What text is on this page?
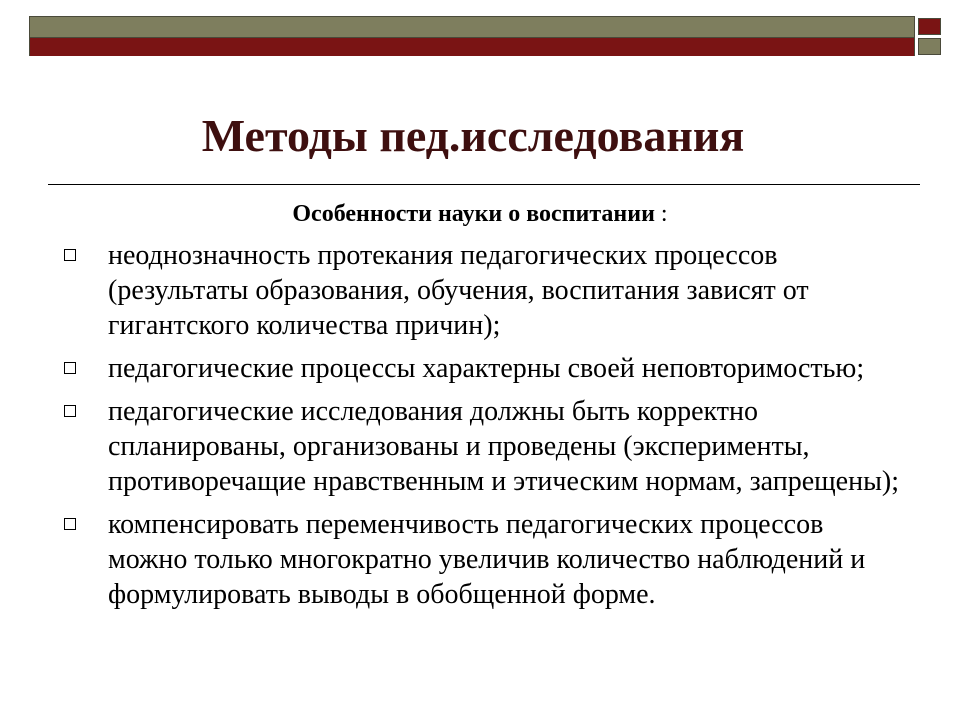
Методы пед.исследования
Особенности науки о воспитании :
неоднозначность протекания педагогических процессов (результаты образования, обучения, воспитания зависят от гигантского количества причин);
педагогические процессы характерны своей неповторимостью;
педагогические исследования должны быть корректно спланированы, организованы и проведены (эксперименты, противоречащие нравственным и этическим нормам, запрещены);
компенсировать переменчивость педагогических процессов можно только многократно увеличив количество наблюдений и формулировать выводы в обобщенной форме.
